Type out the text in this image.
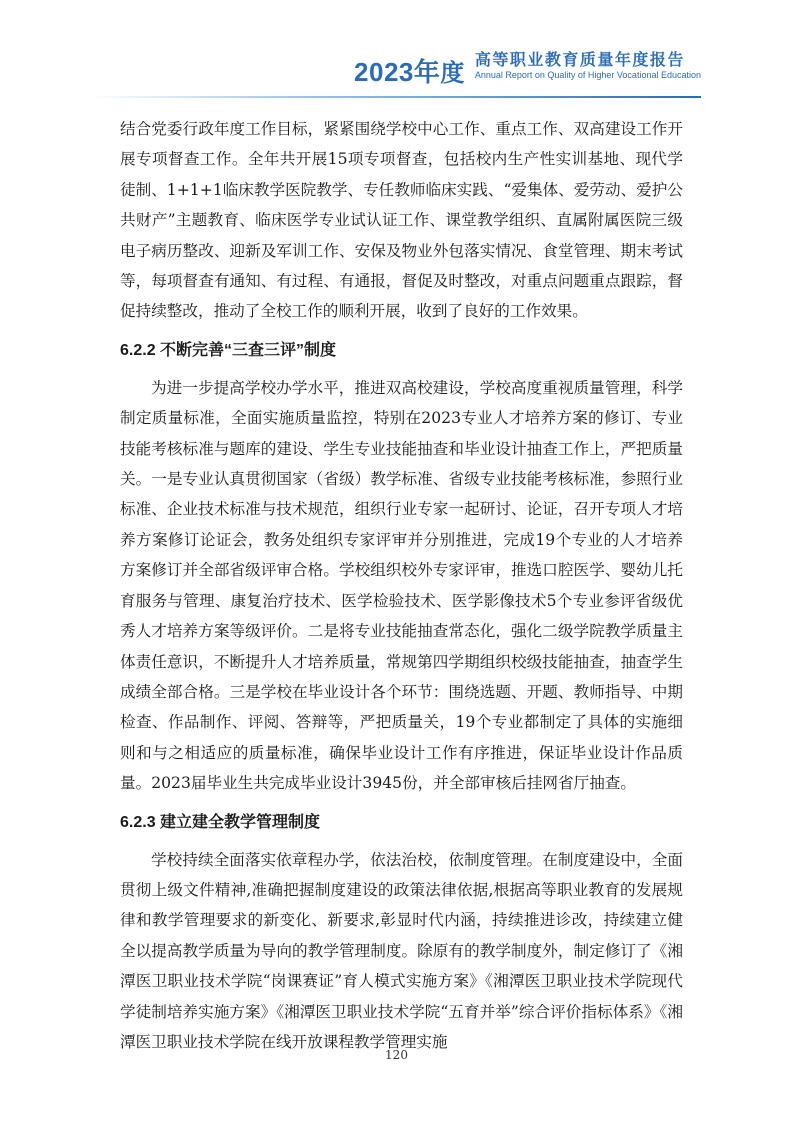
2023年度 高等职业教育质量年度报告
Annual Report on Quality of Higher Vocational Education

结合党委行政年度工作目标，紧紧围绕学校中心工作、重点工作、双高建设工作开展专项督查工作。全年共开展15项专项督查，包括校内生产性实训基地、现代学徒制、1+1+1临床教学医院教学、专任教师临床实践、“爱集体、爱劳动、爱护公共财产”主题教育、临床医学专业试认证工作、课堂教学组织、直属附属医院三级电子病历整改、迎新及军训工作、安保及物业外包落实情况、食堂管理、期末考试等，每项督查有通知、有过程、有通报，督促及时整改，对重点问题重点跟踪，督促持续整改，推动了全校工作的顺利开展，收到了良好的工作效果。

6.2.2 不断完善“三查三评”制度

为进一步提高学校办学水平，推进双高校建设，学校高度重视质量管理，科学制定质量标准，全面实施质量监控，特别在2023专业人才培养方案的修订、专业技能考核标准与题库的建设、学生专业技能抽查和毕业设计抽查工作上，严把质量关。一是专业认真贯彻国家（省级）教学标准、省级专业技能考核标准，参照行业标准、企业技术标准与技术规范，组织行业专家一起研讨、论证，召开专项人才培养方案修订论证会，教务处组织专家评审并分别推进，完成19个专业的人才培养方案修订并全部省级评审合格。学校组织校外专家评审，推选口腔医学、婴幼儿托育服务与管理、康复治疗技术、医学检验技术、医学影像技术5个专业参评省级优秀人才培养方案等级评价。二是将专业技能抽查常态化，强化二级学院教学质量主体责任意识，不断提升人才培养质量，常规第四学期组织校级技能抽查，抽查学生成绩全部合格。三是学校在毕业设计各个环节：围绕选题、开题、教师指导、中期检查、作品制作、评阅、答辩等，严把质量关，19个专业都制定了具体的实施细则和与之相适应的质量标准，确保毕业设计工作有序推进，保证毕业设计作品质量。2023届毕业生共完成毕业设计3945份，并全部审核后挂网省厅抽查。

6.2.3 建立建全教学管理制度

学校持续全面落实依章程办学，依法治校，依制度管理。在制度建设中，全面贯彻上级文件精神,准确把握制度建设的政策法律依据,根据高等职业教育的发展规律和教学管理要求的新变化、新要求,彰显时代内涵，持续推进诊改，持续建立健全以提高教学质量为导向的教学管理制度。除原有的教学制度外，制定修订了《湘潭医卫职业技术学院“岗课赛证”育人模式实施方案》《湘潭医卫职业技术学院现代学徒制培养实施方案》《湘潭医卫职业技术学院“五育并举”综合评价指标体系》《湘潭医卫职业技术学院在线开放课程教学管理实施

120
